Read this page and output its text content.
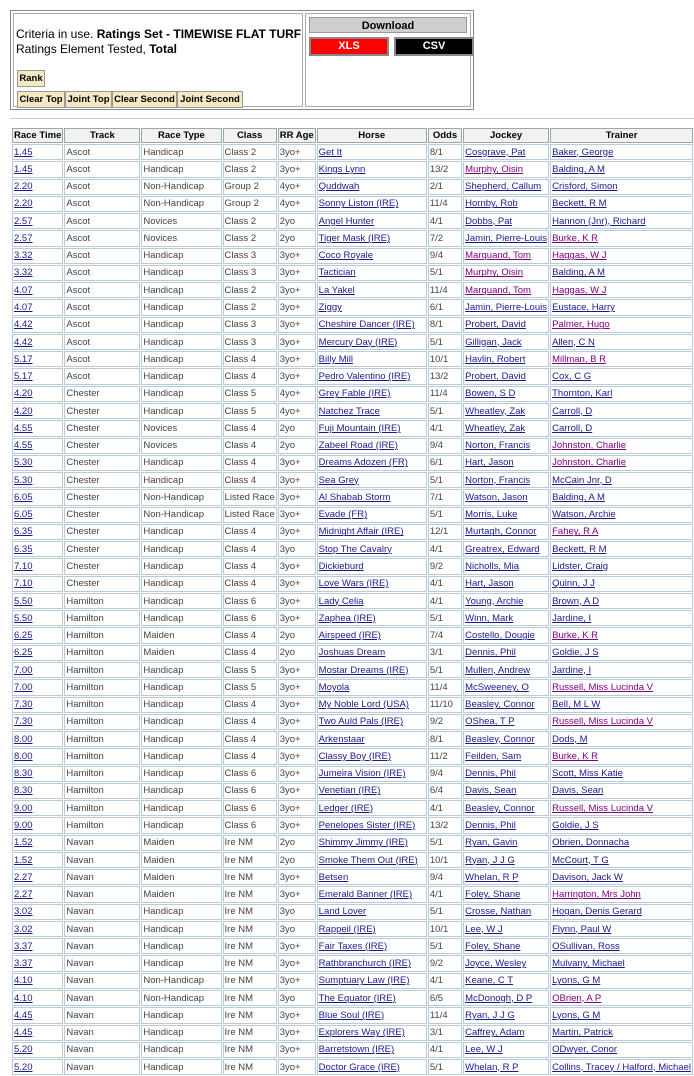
Criteria in use. Ratings Set - TIMEWISE FLAT TURF
Ratings Element Tested, Total
Rank
Clear Top Joint Top Clear Second Joint Second
Download
XLS	CSV
Race Time	Track	Race Type	Class	RR Age	Horse	Odds	Jockey	Trainer
1.45	Ascot	Handicap	Class 2	3yo+	Get It	8/1	Cosgrave, Pat	Baker, George
1.45	Ascot	Handicap	Class 2	3yo+	Kings Lynn	13/2	Murphy, Oisin	Balding, A M
2.20	Ascot	Non-Handicap	Group 2	4yo+	Quddwah	2/1	Shepherd, Callum	Crisford, Simon
2.20	Ascot	Non-Handicap	Group 2	4yo+	Sonny Liston (IRE)	11/4	Hornby, Rob	Beckett, R M
2.57	Ascot	Novices	Class 2	2yo	Angel Hunter	4/1	Dobbs, Pat	Hannon (Jnr), Richard
2.57	Ascot	Novices	Class 2	2yo	Tiger Mask (IRE)	7/2	Jamin, Pierre-Louis	Burke, K R
3.32	Ascot	Handicap	Class 3	3yo+	Coco Royale	9/4	Marquand, Tom	Haggas, W J
3.32	Ascot	Handicap	Class 3	3yo+	Tactician	5/1	Murphy, Oisin	Balding, A M
4.07	Ascot	Handicap	Class 2	3yo+	La Yakel	11/4	Marquand, Tom	Haggas, W J
4.07	Ascot	Handicap	Class 2	3yo+	Ziggy	6/1	Jamin, Pierre-Louis	Eustace, Harry
4.42	Ascot	Handicap	Class 3	3yo+	Cheshire Dancer (IRE)	8/1	Probert, David	Palmer, Hugo
4.42	Ascot	Handicap	Class 3	3yo+	Mercury Day (IRE)	5/1	Gilligan, Jack	Allen, C N
5.17	Ascot	Handicap	Class 4	3yo+	Billy Mill	10/1	Havlin, Robert	Millman, B R
5.17	Ascot	Handicap	Class 4	3yo+	Pedro Valentino (IRE)	13/2	Probert, David	Cox, C G
4.20	Chester	Handicap	Class 5	4yo+	Grey Fable (IRE)	11/4	Bowen, S D	Thornton, Karl
4.20	Chester	Handicap	Class 5	4yo+	Natchez Trace	5/1	Wheatley, Zak	Carroll, D
4.55	Chester	Novices	Class 4	2yo	Fuji Mountain (IRE)	4/1	Wheatley, Zak	Carroll, D
4.55	Chester	Novices	Class 4	2yo	Zabeel Road (IRE)	9/4	Norton, Francis	Johnston, Charlie
5.30	Chester	Handicap	Class 4	3yo+	Dreams Adozen (FR)	6/1	Hart, Jason	Johnston, Charlie
5.30	Chester	Handicap	Class 4	3yo+	Sea Grey	5/1	Norton, Francis	McCain Jnr, D
6.05	Chester	Non-Handicap	Listed Race	3yo+	Al Shabab Storm	7/1	Watson, Jason	Balding, A M
6.05	Chester	Non-Handicap	Listed Race	3yo+	Evade (FR)	5/1	Morris, Luke	Watson, Archie
6.35	Chester	Handicap	Class 4	3yo+	Midnight Affair (IRE)	12/1	Murtagh, Connor	Fahey, R A
6.35	Chester	Handicap	Class 4	3yo	Stop The Cavalry	4/1	Greatrex, Edward	Beckett, R M
7.10	Chester	Handicap	Class 4	3yo+	Dickieburd	9/2	Nicholls, Mia	Lidster, Craig
7.10	Chester	Handicap	Class 4	3yo+	Love Wars (IRE)	4/1	Hart, Jason	Quinn, J J
5.50	Hamilton	Handicap	Class 6	3yo+	Lady Celia	4/1	Young, Archie	Brown, A D
5.50	Hamilton	Handicap	Class 6	3yo+	Zaphea (IRE)	5/1	Winn, Mark	Jardine, I
6.25	Hamilton	Maiden	Class 4	2yo	Airspeed (IRE)	7/4	Costello, Dougie	Burke, K R
6.25	Hamilton	Maiden	Class 4	2yo	Joshuas Dream	3/1	Dennis, Phil	Goldie, J S
7.00	Hamilton	Handicap	Class 5	3yo+	Mostar Dreams (IRE)	5/1	Mullen, Andrew	Jardine, I
7.00	Hamilton	Handicap	Class 5	3yo+	Moyola	11/4	McSweeney, O	Russell, Miss Lucinda V
7.30	Hamilton	Handicap	Class 4	3yo+	My Noble Lord (USA)	11/10	Beasley, Connor	Bell, M L W
7.30	Hamilton	Handicap	Class 4	3yo+	Two Auld Pals (IRE)	9/2	OShea, T P	Russell, Miss Lucinda V
8.00	Hamilton	Handicap	Class 4	3yo+	Arkenstaar	8/1	Beasley, Connor	Dods, M
8.00	Hamilton	Handicap	Class 4	3yo+	Classy Boy (IRE)	11/2	Feilden, Sam	Burke, K R
8.30	Hamilton	Handicap	Class 6	3yo+	Jumeira Vision (IRE)	9/4	Dennis, Phil	Scott, Miss Katie
8.30	Hamilton	Handicap	Class 6	3yo+	Venetian (IRE)	6/4	Davis, Sean	Davis, Sean
9.00	Hamilton	Handicap	Class 6	3yo+	Ledger (IRE)	4/1	Beasley, Connor	Russell, Miss Lucinda V
9.00	Hamilton	Handicap	Class 6	3yo+	Penelopes Sister (IRE)	13/2	Dennis, Phil	Goldie, J S
1.52	Navan	Maiden	Ire NM	2yo	Shimmy Jimmy (IRE)	5/1	Ryan, Gavin	Obrien, Donnacha
1.52	Navan	Maiden	Ire NM	2yo	Smoke Them Out (IRE)	10/1	Ryan, J J G	McCourt, T G
2.27	Navan	Maiden	Ire NM	3yo+	Betsen	9/4	Whelan, R P	Davison, Jack W
2.27	Navan	Maiden	Ire NM	3yo+	Emerald Banner (IRE)	4/1	Foley, Shane	Harrington, Mrs John
3.02	Navan	Handicap	Ire NM	3yo	Land Lover	5/1	Crosse, Nathan	Hogan, Denis Gerard
3.02	Navan	Handicap	Ire NM	3yo	Rappeil (IRE)	10/1	Lee, W J	Flynn, Paul W
3.37	Navan	Handicap	Ire NM	3yo+	Fair Taxes (IRE)	5/1	Foley, Shane	OSullivan, Ross
3.37	Navan	Handicap	Ire NM	3yo+	Rathbranchurch (IRE)	9/2	Joyce, Wesley	Mulvany, Michael
4.10	Navan	Non-Handicap	Ire NM	3yo+	Sumptuary Law (IRE)	4/1	Keane, C T	Lyons, G M
4.10	Navan	Non-Handicap	Ire NM	3yo	The Equator (IRE)	6/5	McDonogh, D P	OBrien, A P
4.45	Navan	Handicap	Ire NM	3yo+	Blue Soul (IRE)	11/4	Ryan, J J G	Lyons, G M
4.45	Navan	Handicap	Ire NM	3yo+	Explorers Way (IRE)	3/1	Caffrey, Adam	Martin, Patrick
5.20	Navan	Handicap	Ire NM	3yo+	Barretstown (IRE)	4/1	Lee, W J	ODwyer, Conor
5.20	Navan	Handicap	Ire NM	3yo+	Doctor Grace (IRE)	5/1	Whelan, R P	Collins, Tracey / Halford, Michael
